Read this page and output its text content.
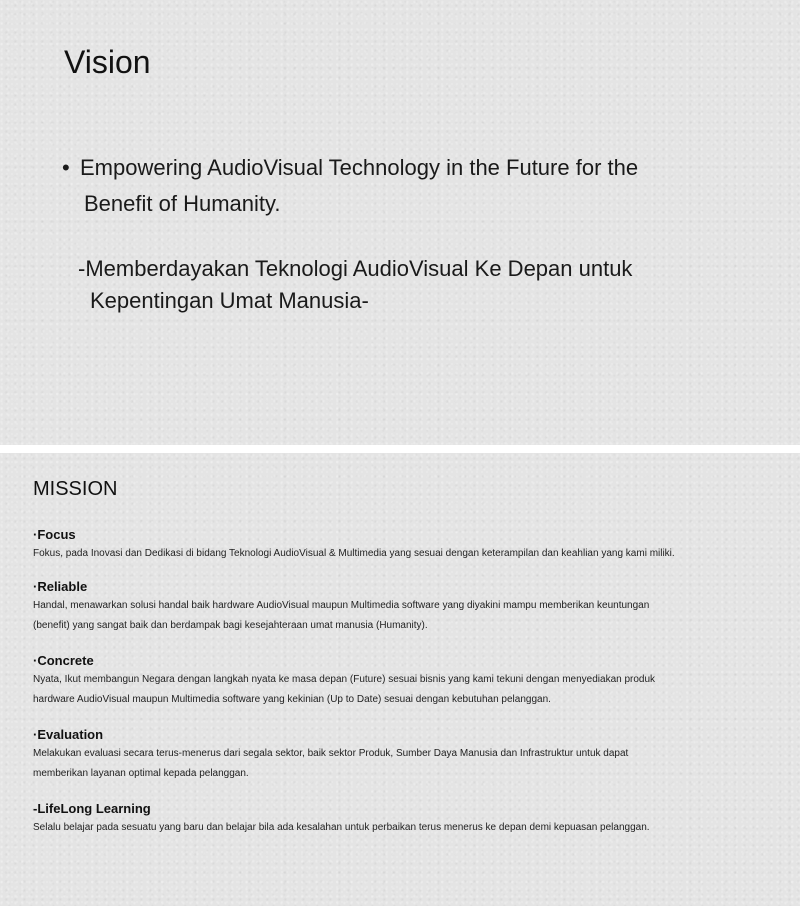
Vision
• Empowering AudioVisual Technology in the Future for the
Benefit of Humanity.
-Memberdayakan Teknologi AudioVisual Ke Depan untuk
Kepentingan Umat Manusia-
MISSION
·Focus
Fokus, pada Inovasi dan Dedikasi di bidang Teknologi AudioVisual & Multimedia yang sesuai dengan keterampilan dan keahlian yang kami miliki.
·Reliable
Handal, menawarkan solusi handal baik hardware AudioVisual maupun Multimedia software yang diyakini mampu memberikan keuntungan
(benefit) yang sangat baik dan berdampak bagi kesejahteraan umat manusia (Humanity).
·Concrete
Nyata, Ikut membangun Negara dengan langkah nyata ke masa depan (Future) sesuai bisnis yang kami tekuni dengan menyediakan produk
hardware AudioVisual maupun Multimedia software yang kekinian (Up to Date) sesuai dengan kebutuhan pelanggan.
·Evaluation
Melakukan evaluasi secara terus-menerus dari segala sektor, baik sektor Produk, Sumber Daya Manusia dan Infrastruktur untuk dapat
memberikan layanan optimal kepada pelanggan.
-LifeLong Learning
Selalu belajar pada sesuatu yang baru dan belajar bila ada kesalahan untuk perbaikan terus menerus ke depan demi kepuasan pelanggan.
